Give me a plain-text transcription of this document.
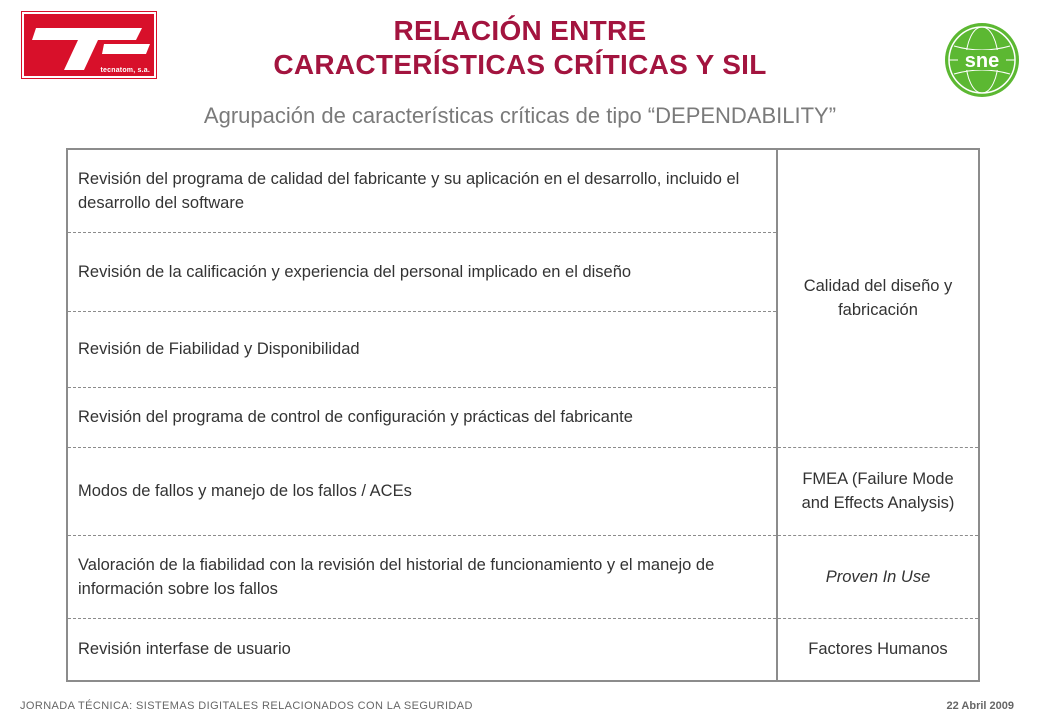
tecnatom, s.a.
RELACIÓN ENTRE
CARACTERÍSTICAS CRÍTICAS Y SIL	sne
Agrupación de características críticas de tipo “DEPENDABILITY”
Revisión del programa de calidad del fabricante y su aplicación en el desarrollo, incluido el desarrollo del software	Calidad del diseño y fabricación
Revisión de la calificación y experiencia del personal implicado en el diseño	
Revisión de Fiabilidad y Disponibilidad	
Revisión del programa de control de configuración y prácticas del fabricante	
Modos de fallos y manejo de los fallos / ACEs	FMEA (Failure Mode and Effects Analysis)
Valoración de la fiabilidad con la revisión del historial de funcionamiento y el manejo de información sobre los fallos	Proven In Use
Revisión interfase de usuario	Factores Humanos
JORNADA TÉCNICA: SISTEMAS DIGITALES RELACIONADOS CON LA SEGURIDAD	22 Abril 2009
